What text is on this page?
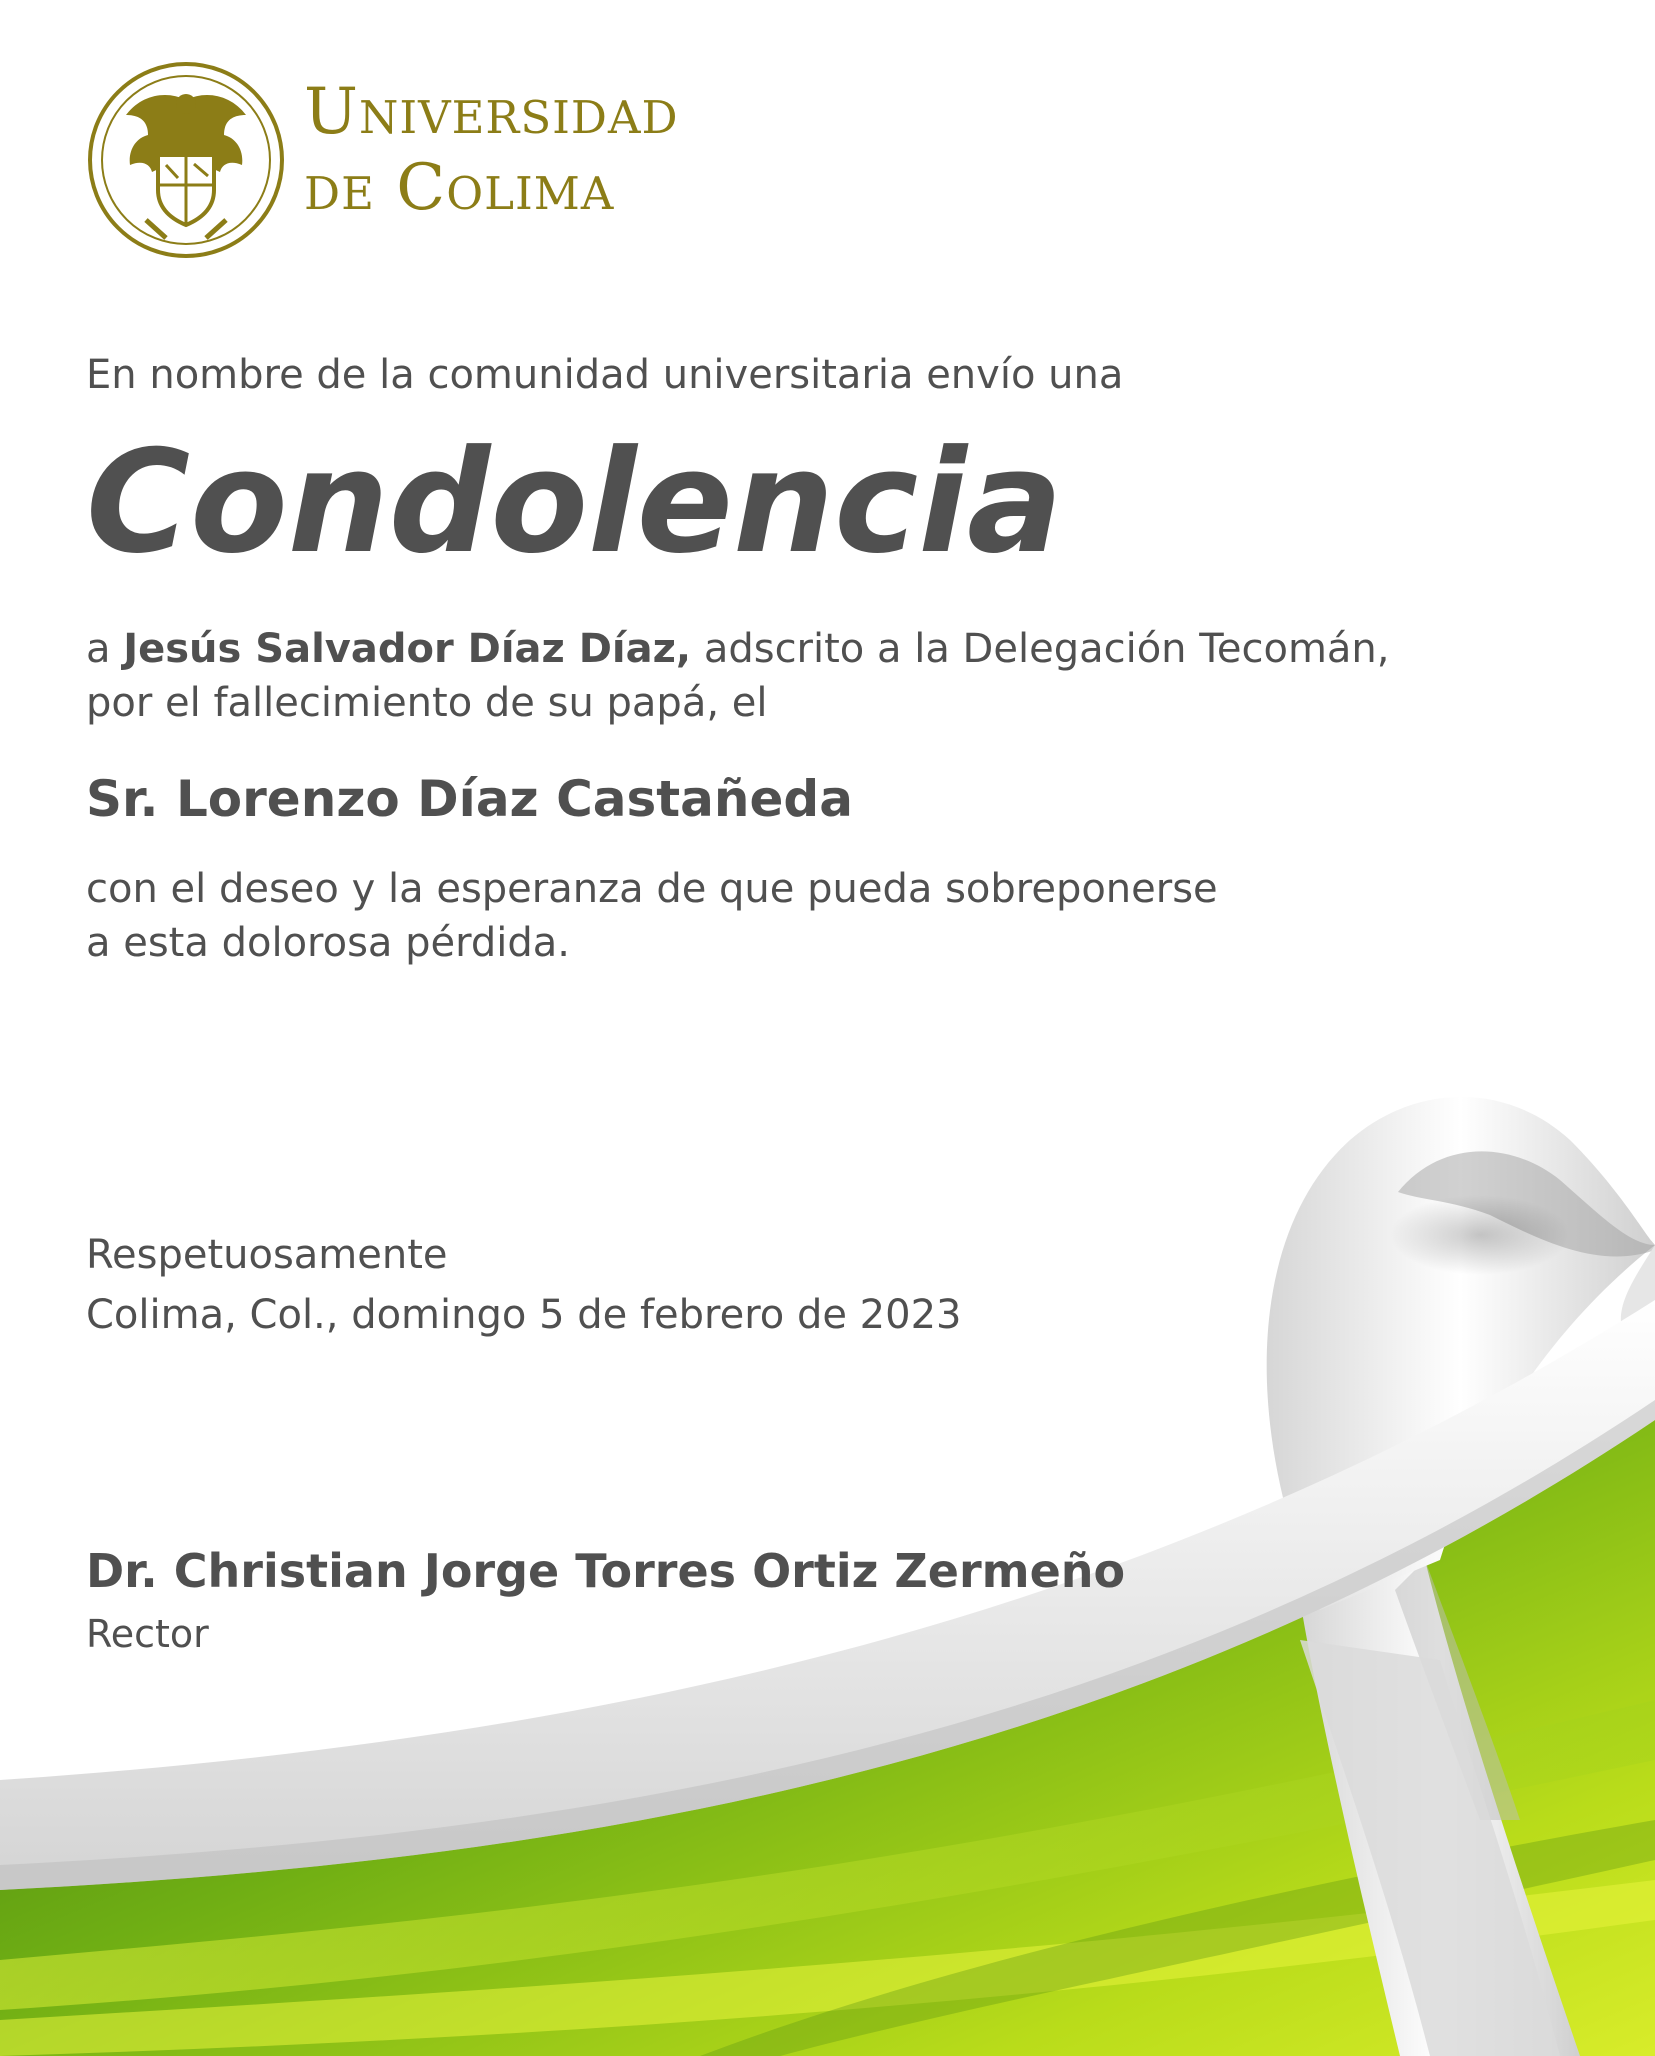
Universidad
de Colima

En nombre de la comunidad universitaria envío una

Condolencia

a Jesús Salvador Díaz Díaz, adscrito a la Delegación Tecomán,
por el fallecimiento de su papá, el

Sr. Lorenzo Díaz Castañeda

con el deseo y la esperanza de que pueda sobreponerse
a esta dolorosa pérdida.

Respetuosamente
Colima, Col., domingo 5 de febrero de 2023

Dr. Christian Jorge Torres Ortiz Zermeño

Rector
